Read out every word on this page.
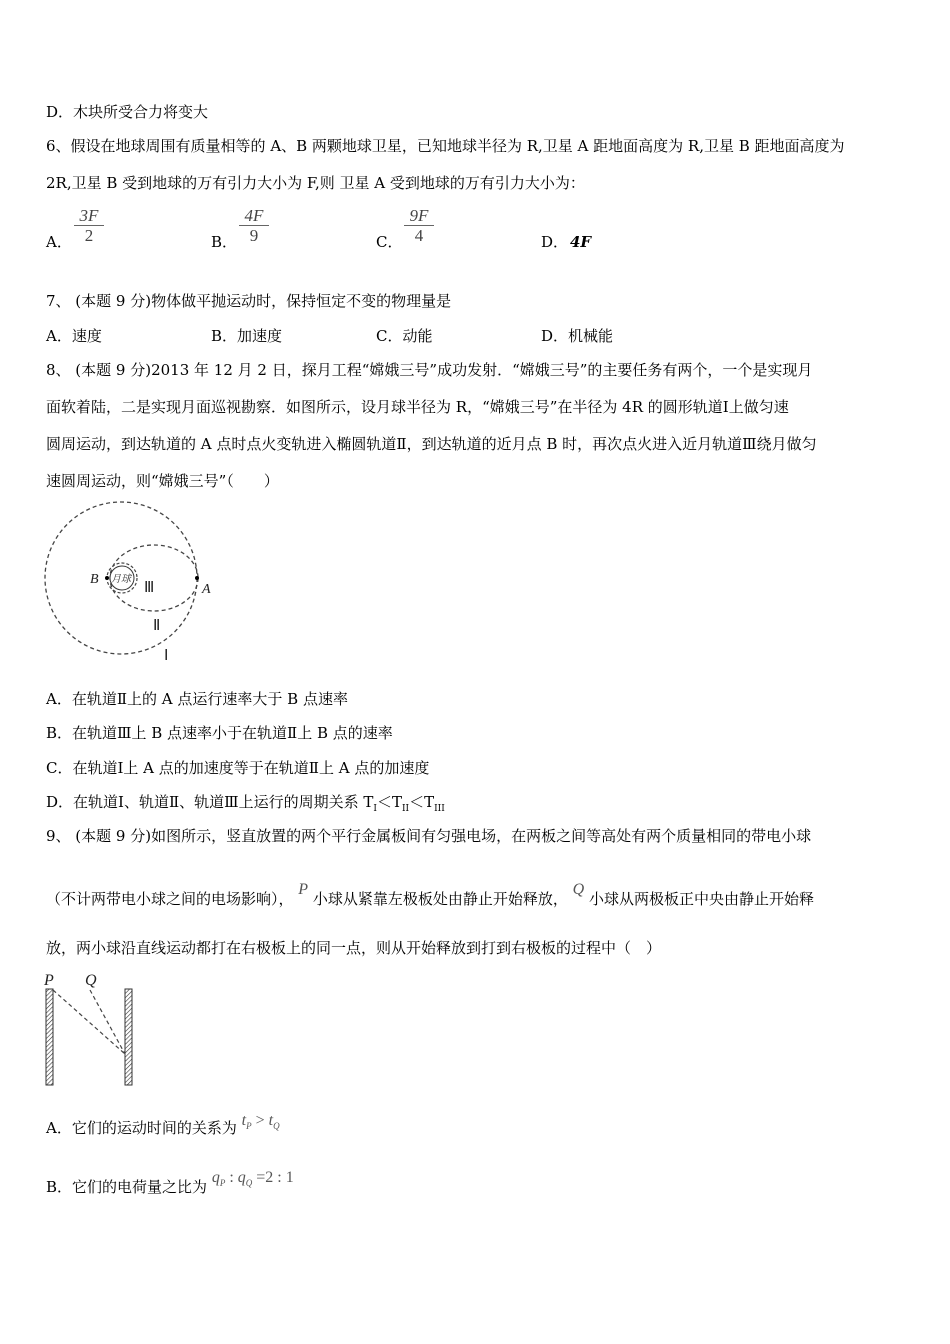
D．木块所受合力将变大
6、假设在地球周围有质量相等的 A、B 两颗地球卫星，已知地球半径为 R,卫星 A 距地面高度为 R,卫星 B 距地面高度为
2R,卫星 B 受到地球的万有引力大小为 F,则 卫星 A 受到地球的万有引力大小为：
A． $\frac{3F}{2}$	B． $\frac{4F}{9}$	C． $\frac{9F}{4}$	D． 4F
7、 (本题 9 分)物体做平抛运动时，保持恒定不变的物理量是
A．速度	B．加速度	C．动能	D．机械能
8、 (本题 9 分)2013 年 12 月 2 日，探月工程“嫦娥三号”成功发射．“嫦娥三号”的主要任务有两个，一个是实现月
面软着陆，二是实现月面巡视勘察．如图所示，设月球半径为 R，“嫦娥三号”在半径为 4R 的圆形轨道Ⅰ上做匀速
圆周运动，到达轨道的 A 点时点火变轨进入椭圆轨道Ⅱ，到达轨道的近月点 B 时，再次点火进入近月轨道Ⅲ绕月做匀
速圆周运动，则“嫦娥三号”（　　）
月球
B
A
Ⅲ
Ⅱ
Ⅰ
A．在轨道Ⅱ上的 A 点运行速率大于 B 点速率
B．在轨道Ⅲ上 B 点速率小于在轨道Ⅱ上 B 点的速率
C．在轨道Ⅰ上 A 点的加速度等于在轨道Ⅱ上 A 点的加速度
D．在轨道Ⅰ、轨道Ⅱ、轨道Ⅲ上运行的周期关系 $T_I<T_{II}<T_{III}$
9、 (本题 9 分)如图所示，竖直放置的两个平行金属板间有匀强电场，在两板之间等高处有两个质量相同的带电小球
（不计两带电小球之间的电场影响）， P 小球从紧靠左极板处由静止开始释放， Q 小球从两极板正中央由静止开始释
放，两小球沿直线运动都打在右极板上的同一点，则从开始释放到打到右极板的过程中（　）
P Q
A．它们的运动时间的关系为 $t_P > t_Q$
B．它们的电荷量之比为 $q_P$ : $q_Q =2$ : 1
